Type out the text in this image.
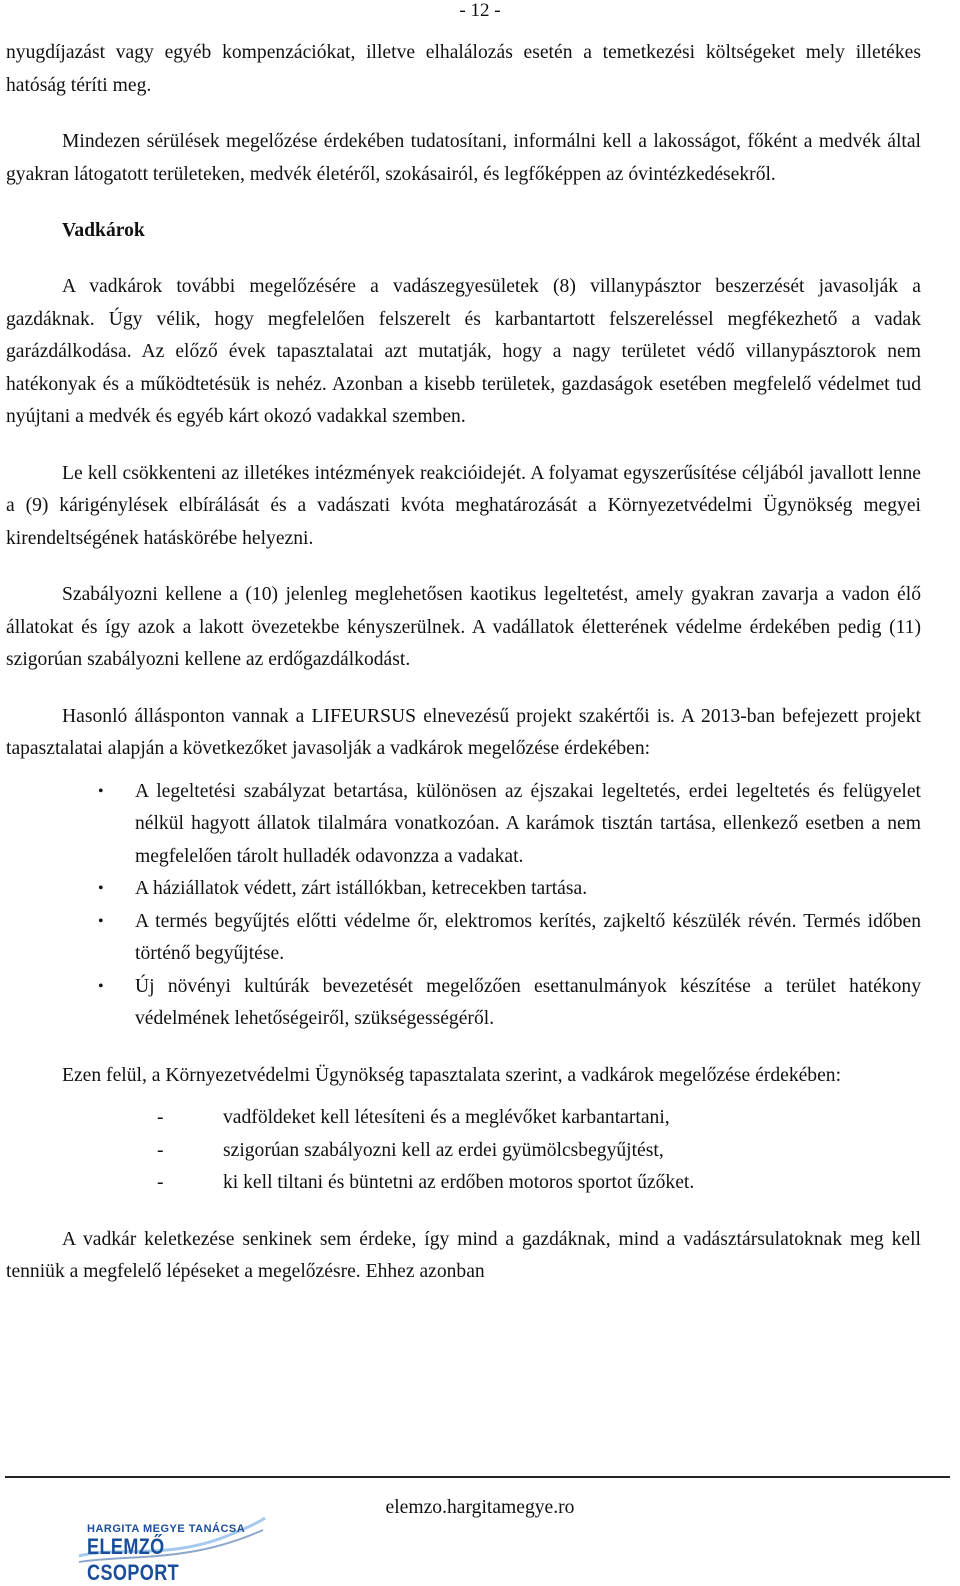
- 12 -

nyugdíjazást vagy egyéb kompenzációkat, illetve elhalálozás esetén a temetkezési költségeket mely illetékes hatóság téríti meg.

Mindezen sérülések megelőzése érdekében tudatosítani, informálni kell a lakosságot, főként a medvék által gyakran látogatott területeken, medvék életéről, szokásairól, és legfőképpen az óvintézkedésekről.

Vadkárok

A vadkárok további megelőzésére a vadászegyesületek (8) villanypásztor beszerzését javasolják a gazdáknak. Úgy vélik, hogy megfelelően felszerelt és karbantartott felszereléssel megfékezhető a vadak garázdálkodása. Az előző évek tapasztalatai azt mutatják, hogy a nagy területet védő villanypásztorok nem hatékonyak és a működtetésük is nehéz. Azonban a kisebb területek, gazdaságok esetében megfelelő védelmet tud nyújtani a medvék és egyéb kárt okozó vadakkal szemben.

Le kell csökkenteni az illetékes intézmények reakcióidejét. A folyamat egyszerűsítése céljából javallott lenne a (9) kárigénylések elbírálását és a vadászati kvóta meghatározását a Környezetvédelmi Ügynökség megyei kirendeltségének hatáskörébe helyezni.

Szabályozni kellene a (10) jelenleg meglehetősen kaotikus legeltetést, amely gyakran zavarja a vadon élő állatokat és így azok a lakott övezetekbe kényszerülnek. A vadállatok életterének védelme érdekében pedig (11) szigorúan szabályozni kellene az erdőgazdálkodást.

Hasonló állásponton vannak a LIFEURSUS elnevezésű projekt szakértői is. A 2013-ban befejezett projekt tapasztalatai alapján a következőket javasolják a vadkárok megelőzése érdekében:

• A legeltetési szabályzat betartása, különösen az éjszakai legeltetés, erdei legeltetés és felügyelet nélkül hagyott állatok tilalmára vonatkozóan. A karámok tisztán tartása, ellenkező esetben a nem megfelelően tárolt hulladék odavonzza a vadakat.
• A háziállatok védett, zárt istállókban, ketrecekben tartása.
• A termés begyűjtés előtti védelme őr, elektromos kerítés, zajkeltő készülék révén. Termés időben történő begyűjtése.
• Új növényi kultúrák bevezetését megelőzően esettanulmányok készítése a terület hatékony védelmének lehetőségeiről, szükségességéről.

Ezen felül, a Környezetvédelmi Ügynökség tapasztalata szerint, a vadkárok megelőzése érdekében:

-	vadföldeket kell létesíteni és a meglévőket karbantartani,
-	szigorúan szabályozni kell az erdei gyümölcsbegyűjtést,
-	ki kell tiltani és büntetni az erdőben motoros sportot űzőket.

A vadkár keletkezése senkinek sem érdeke, így mind a gazdáknak, mind a vadásztársulatoknak meg kell tenniük a megfelelő lépéseket a megelőzésre. Ehhez azonban

elemzo.hargitamegye.ro
HARGITA MEGYE TANÁCSA
ELEMZŐ CSOPORT
